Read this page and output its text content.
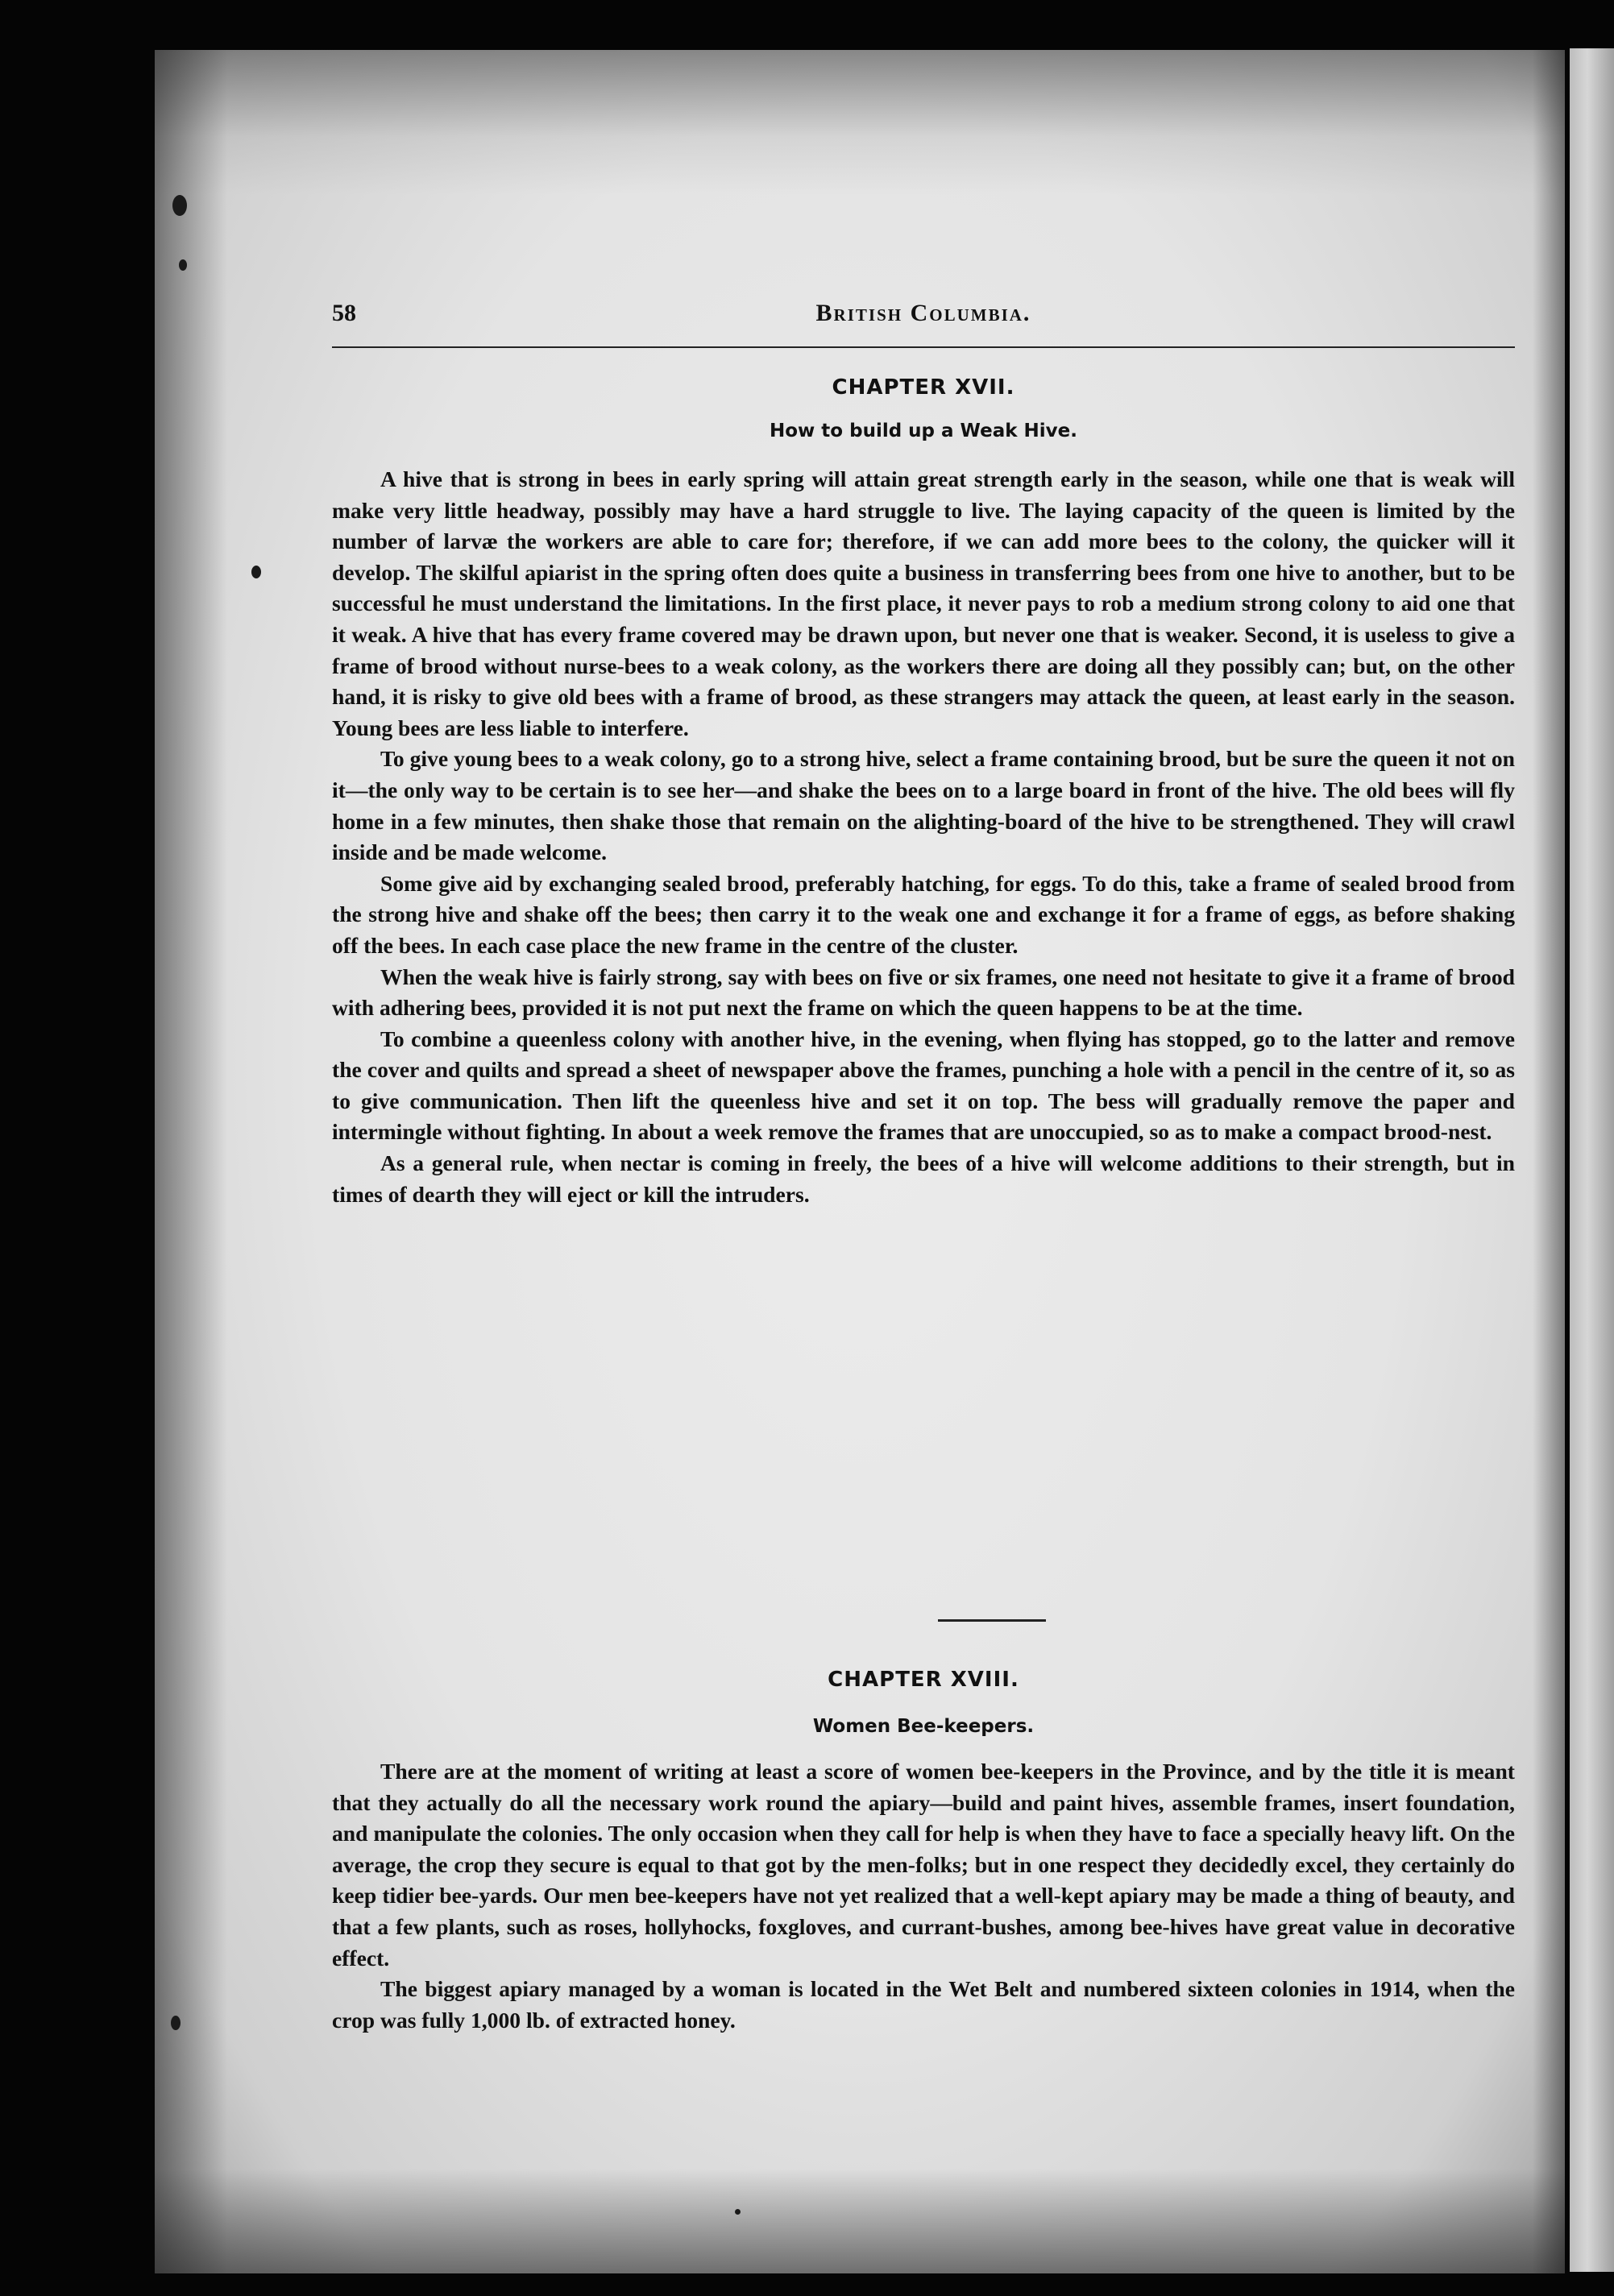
58	British Columbia.
CHAPTER XVII.
How to build up a Weak Hive.

A hive that is strong in bees in early spring will attain great strength early in the season, while one that is weak will make very little headway, possibly may have a hard struggle to live. The laying capacity of the queen is limited by the number of larvæ the workers are able to care for; therefore, if we can add more bees to the colony, the quicker will it develop. The skilful apiarist in the spring often does quite a business in transferring bees from one hive to another, but to be successful he must understand the limitations. In the first place, it never pays to rob a medium strong colony to aid one that it weak. A hive that has every frame covered may be drawn upon, but never one that is weaker. Second, it is useless to give a frame of brood without nurse-bees to a weak colony, as the workers there are doing all they possibly can; but, on the other hand, it is risky to give old bees with a frame of brood, as these strangers may attack the queen, at least early in the season. Young bees are less liable to interfere.

To give young bees to a weak colony, go to a strong hive, select a frame containing brood, but be sure the queen it not on it—the only way to be certain is to see her—and shake the bees on to a large board in front of the hive. The old bees will fly home in a few minutes, then shake those that remain on the alighting-board of the hive to be strengthened. They will crawl inside and be made welcome.

Some give aid by exchanging sealed brood, preferably hatching, for eggs. To do this, take a frame of sealed brood from the strong hive and shake off the bees; then carry it to the weak one and exchange it for a frame of eggs, as before shaking off the bees. In each case place the new frame in the centre of the cluster.

When the weak hive is fairly strong, say with bees on five or six frames, one need not hesitate to give it a frame of brood with adhering bees, provided it is not put next the frame on which the queen happens to be at the time.

To combine a queenless colony with another hive, in the evening, when flying has stopped, go to the latter and remove the cover and quilts and spread a sheet of newspaper above the frames, punching a hole with a pencil in the centre of it, so as to give communication. Then lift the queenless hive and set it on top. The bess will gradually remove the paper and intermingle without fighting. In about a week remove the frames that are unoccupied, so as to make a compact brood-nest.

As a general rule, when nectar is coming in freely, the bees of a hive will welcome additions to their strength, but in times of dearth they will eject or kill the intruders.

CHAPTER XVIII.
Women Bee-keepers.

There are at the moment of writing at least a score of women bee-keepers in the Province, and by the title it is meant that they actually do all the necessary work round the apiary—build and paint hives, assemble frames, insert foundation, and manipulate the colonies. The only occasion when they call for help is when they have to face a specially heavy lift. On the average, the crop they secure is equal to that got by the men-folks; but in one respect they decidedly excel, they certainly do keep tidier bee-yards. Our men bee-keepers have not yet realized that a well-kept apiary may be made a thing of beauty, and that a few plants, such as roses, hollyhocks, foxgloves, and currant-bushes, among bee-hives have great value in decorative effect.

The biggest apiary managed by a woman is located in the Wet Belt and numbered sixteen colonies in 1914, when the crop was fully 1,000 lb. of extracted honey.
